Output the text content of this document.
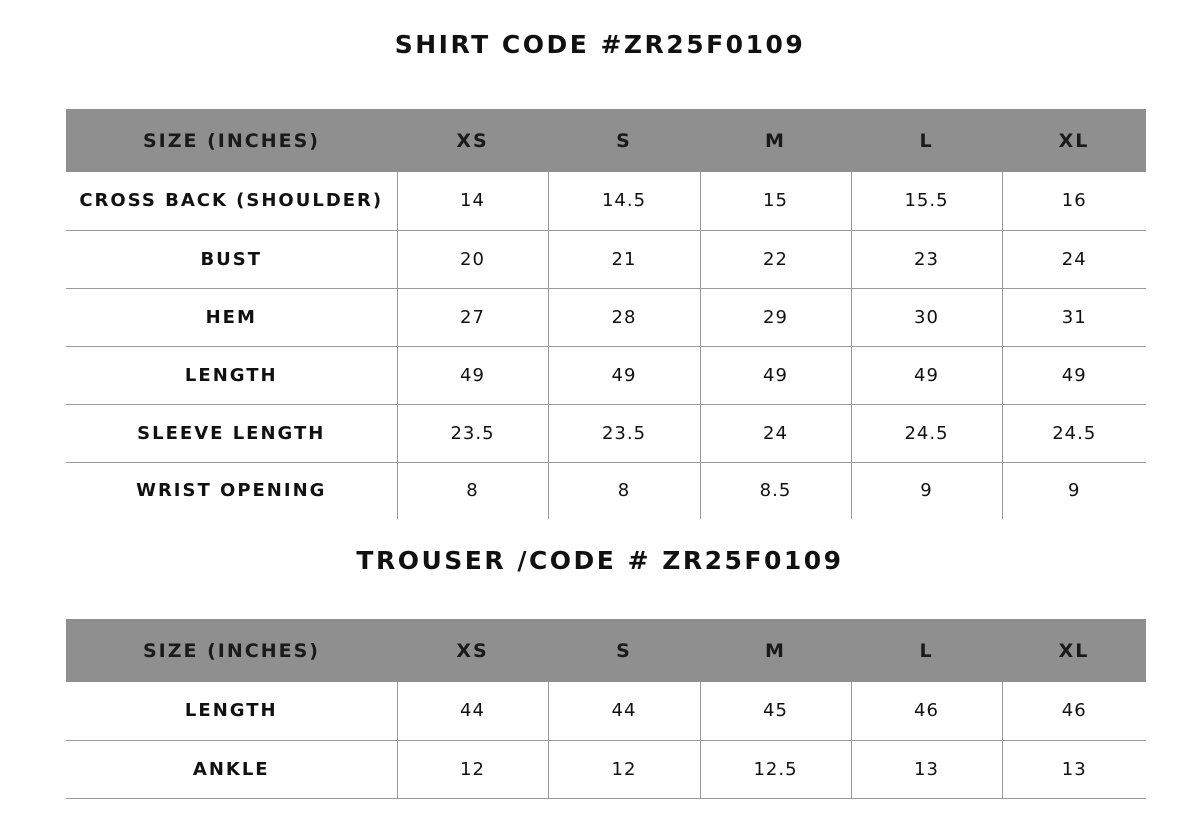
SHIRT CODE #ZR25F0109
SIZE (INCHES)	XS	S	M	L	XL
CROSS BACK (SHOULDER)	14	14.5	15	15.5	16
BUST	20	21	22	23	24
HEM	27	28	29	30	31
LENGTH	49	49	49	49	49
SLEEVE LENGTH	23.5	23.5	24	24.5	24.5
WRIST OPENING	8	8	8.5	9	9
TROUSER /CODE # ZR25F0109
SIZE (INCHES)	XS	S	M	L	XL
LENGTH	44	44	45	46	46
ANKLE	12	12	12.5	13	13
